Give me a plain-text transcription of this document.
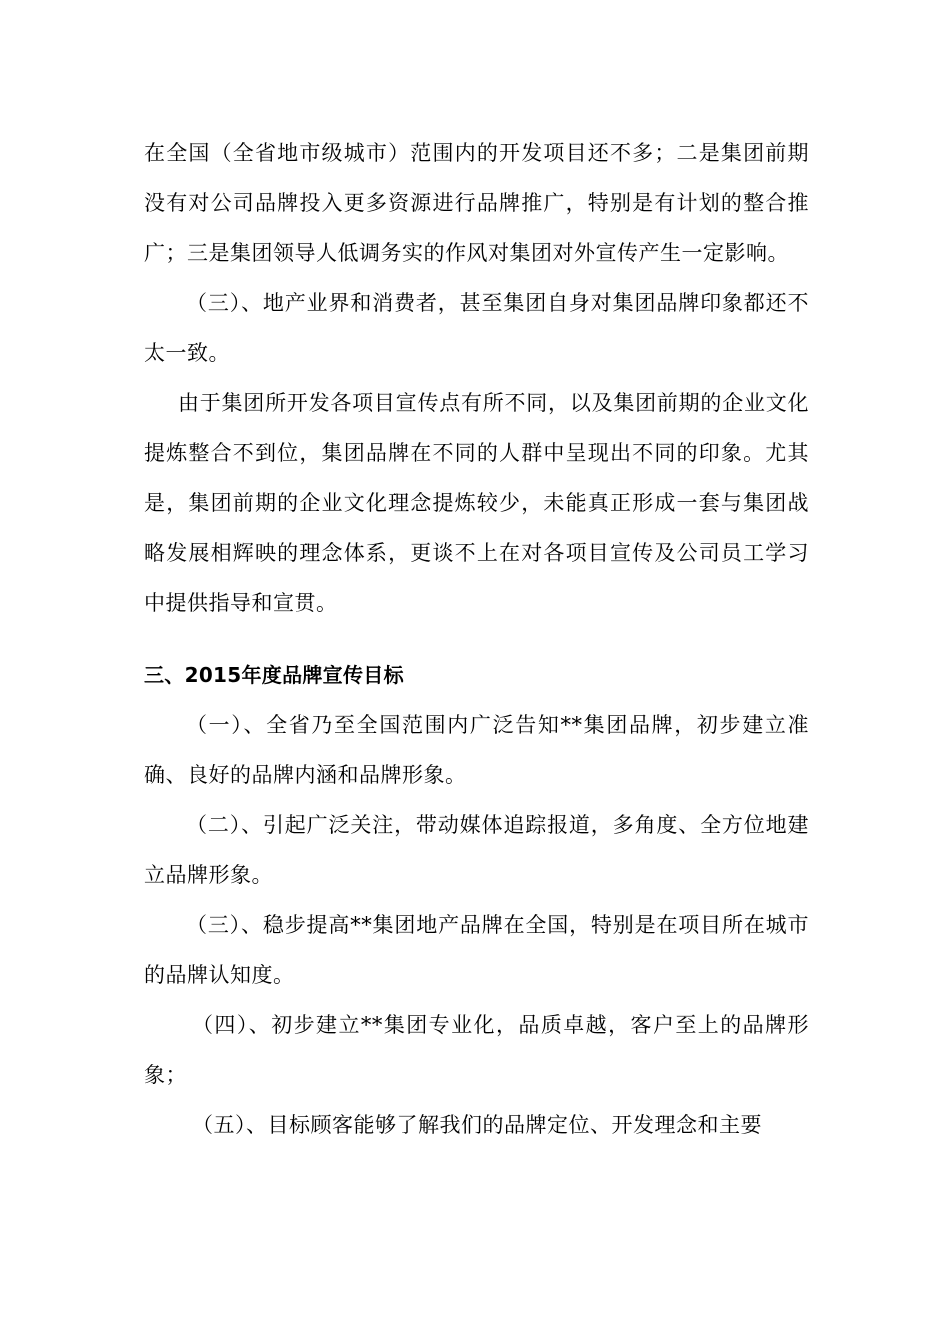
在全国（全省地市级城市）范围内的开发项目还不多；二是集团前期没有对公司品牌投入更多资源进行品牌推广，特别是有计划的整合推广；三是集团领导人低调务实的作风对集团对外宣传产生一定影响。

（三）、地产业界和消费者，甚至集团自身对集团品牌印象都还不太一致。

由于集团所开发各项目宣传点有所不同，以及集团前期的企业文化提炼整合不到位，集团品牌在不同的人群中呈现出不同的印象。尤其是，集团前期的企业文化理念提炼较少，未能真正形成一套与集团战略发展相辉映的理念体系，更谈不上在对各项目宣传及公司员工学习中提供指导和宣贯。

三、2015年度品牌宣传目标

（一）、全省乃至全国范围内广泛告知**集团品牌，初步建立准确、良好的品牌内涵和品牌形象。

（二）、引起广泛关注，带动媒体追踪报道，多角度、全方位地建立品牌形象。

（三）、稳步提高**集团地产品牌在全国，特别是在项目所在城市的品牌认知度。

（四）、初步建立**集团专业化，品质卓越，客户至上的品牌形象；

（五）、目标顾客能够了解我们的品牌定位、开发理念和主要
